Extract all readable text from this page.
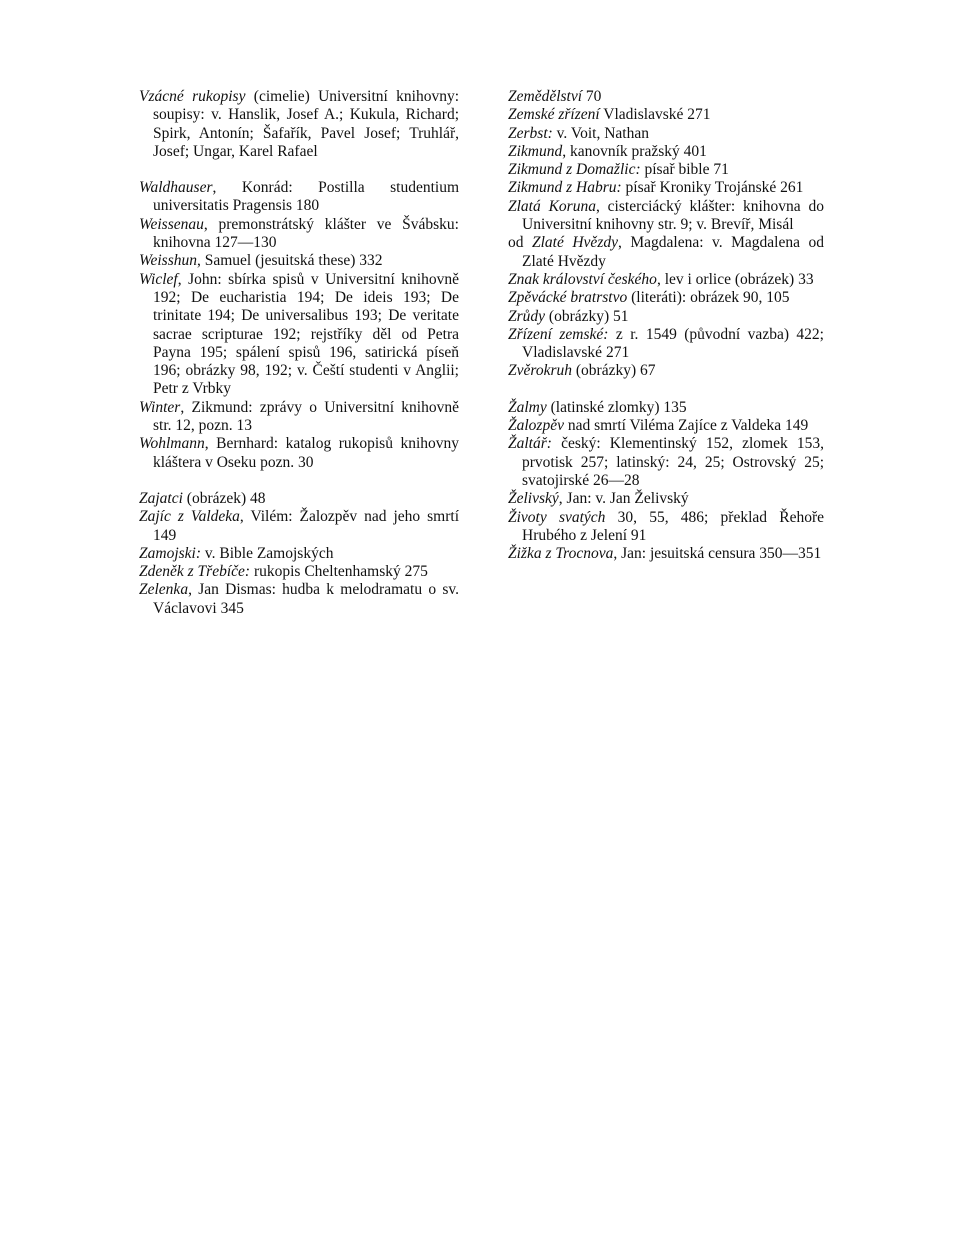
Vzácné rukopisy (cimelie) Universitní knihovny: soupisy: v. Hanslik, Josef A.; Kukula, Richard; Spirk, Antonín; Šafařík, Pavel Josef; Truhlář, Josef; Ungar, Karel Rafael
Waldhauser, Konrád: Postilla studentium universitatis Pragensis 180
Weissenau, premonstrátský klášter ve Švábsku: knihovna 127—130
Weisshun, Samuel (jesuitská these) 332
Wiclef, John: sbírka spisů v Universitní knihovně 192; De eucharistia 194; De ideis 193; De trinitate 194; De universalibus 193; De veritate sacrae scripturae 192; rejstříky děl od Petra Payna 195; spálení spisů 196, satirická píseň 196; obrázky 98, 192; v. Čeští studenti v Anglii; Petr z Vrbky
Winter, Zikmund: zprávy o Universitní knihovně str. 12, pozn. 13
Wohlmann, Bernhard: katalog rukopisů knihovny kláštera v Oseku pozn. 30
Zajatci (obrázek) 48
Zajíc z Valdeka, Vilém: Žalozpěv nad jeho smrtí 149
Zamojski: v. Bible Zamojských
Zdeněk z Třebíče: rukopis Cheltenhamský 275
Zelenka, Jan Dismas: hudba k melodramatu o sv. Václavovi 345
Zemědělství 70
Zemské zřízení Vladislavské 271
Zerbst: v. Voit, Nathan
Zikmund, kanovník pražský 401
Zikmund z Domažlic: písař bible 71
Zikmund z Habru: písař Kroniky Trojánské 261
Zlatá Koruna, cisterciácký klášter: knihovna do Universitní knihovny str. 9; v. Brevíř, Misál
od Zlaté Hvězdy, Magdalena: v. Magdalena od Zlaté Hvězdy
Znak království českého, lev i orlice (obrázek) 33
Zpěvácké bratrstvo (literáti): obrázek 90, 105
Zrůdy (obrázky) 51
Zřízení zemské: z r. 1549 (původní vazba) 422; Vladislavské 271
Zvěrokruh (obrázky) 67
Žalmy (latinské zlomky) 135
Žalozpěv nad smrtí Viléma Zajíce z Valdeka 149
Žaltář: český: Klementinský 152, zlomek 153, prvotisk 257; latinský: 24, 25; Ostrovský 25; svatojirské 26—28
Želivský, Jan: v. Jan Želivský
Životy svatých 30, 55, 486; překlad Řehoře Hrubého z Jelení 91
Žižka z Trocnova, Jan: jesuitská censura 350—351
